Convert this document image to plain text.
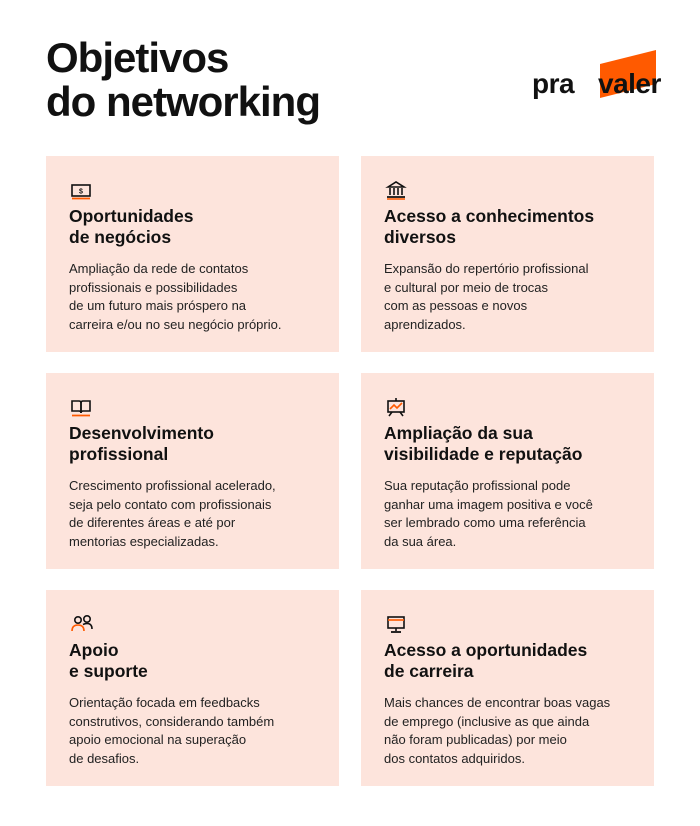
Objetivos
do networking	pra valer
$
Oportunidades
de negócios

Ampliação da rede de contatos
profissionais e possibilidades
de um futuro mais próspero na
carreira e/ou no seu negócio próprio.

Acesso a conhecimentos
diversos

Expansão do repertório profissional
e cultural por meio de trocas
com as pessoas e novos
aprendizados.

Desenvolvimento
profissional

Crescimento profissional acelerado,
seja pelo contato com profissionais
de diferentes áreas e até por
mentorias especializadas.

Ampliação da sua
visibilidade e reputação

Sua reputação profissional pode
ganhar uma imagem positiva e você
ser lembrado como uma referência
da sua área.

Apoio
e suporte

Orientação focada em feedbacks
construtivos, considerando também
apoio emocional na superação
de desafios.

Acesso a oportunidades
de carreira

Mais chances de encontrar boas vagas
de emprego (inclusive as que ainda
não foram publicadas) por meio
dos contatos adquiridos.
